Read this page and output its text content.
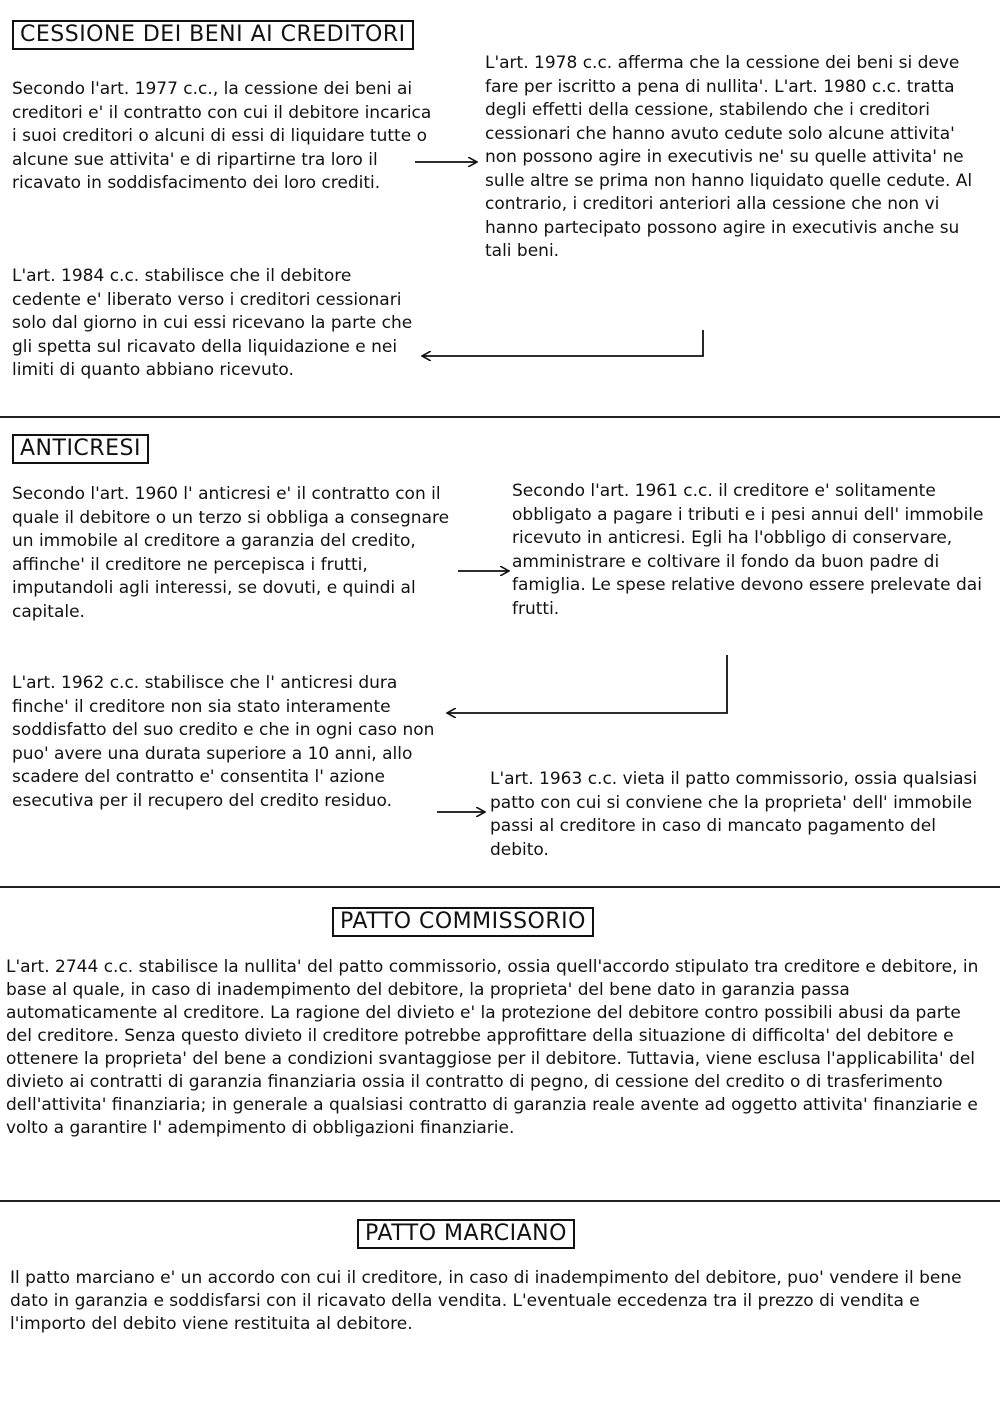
CESSIONE DEI BENI AI CREDITORI

Secondo l'art. 1977 c.c., la cessione dei beni ai creditori e' il contratto con cui il debitore incarica i suoi creditori o alcuni di essi di liquidare tutte o alcune sue attivita' e di ripartirne tra loro il ricavato in soddisfacimento dei loro crediti.

L'art. 1978 c.c. afferma che la cessione dei beni si deve fare per iscritto a pena di nullita'. L'art. 1980 c.c. tratta degli effetti della cessione, stabilendo che i creditori cessionari che hanno avuto cedute solo alcune attivita' non possono agire in executivis ne' su quelle attivita' ne sulle altre se prima non hanno liquidato quelle cedute. Al contrario, i creditori anteriori alla cessione che non vi hanno partecipato possono agire in executivis anche su tali beni.

L'art. 1984 c.c. stabilisce che il debitore cedente e' liberato verso i creditori cessionari solo dal giorno in cui essi ricevano la parte che gli spetta sul ricavato della liquidazione e nei limiti di quanto abbiano ricevuto.

ANTICRESI

Secondo l'art. 1960 l' anticresi e' il contratto con il quale il debitore o un terzo si obbliga a consegnare un immobile al creditore a garanzia del credito, affinche' il creditore ne percepisca i frutti, imputandoli agli interessi, se dovuti, e quindi al capitale.

Secondo l'art. 1961 c.c. il creditore e' solitamente obbligato a pagare i tributi e i pesi annui dell' immobile ricevuto in anticresi. Egli ha l'obbligo di conservare, amministrare e coltivare il fondo da buon padre di famiglia. Le spese relative devono essere prelevate dai frutti.

L'art. 1962 c.c. stabilisce che l' anticresi dura finche' il creditore non sia stato interamente soddisfatto del suo credito e che in ogni caso non puo' avere una durata superiore a 10 anni, allo scadere del contratto e' consentita l' azione esecutiva per il recupero del credito residuo.

L'art. 1963 c.c. vieta il patto commissorio, ossia qualsiasi patto con cui si conviene che la proprieta' dell' immobile passi al creditore in caso di mancato pagamento del debito.

PATTO COMMISSORIO

L'art. 2744 c.c. stabilisce la nullita' del patto commissorio, ossia quell'accordo stipulato tra creditore e debitore, in base al quale, in caso di inadempimento del debitore, la proprieta' del bene dato in garanzia passa automaticamente al creditore. La ragione del divieto e' la protezione del debitore contro possibili abusi da parte del creditore. Senza questo divieto il creditore potrebbe approfittare della situazione di difficolta' del debitore e ottenere la proprieta' del bene a condizioni svantaggiose per il debitore. Tuttavia, viene esclusa l'applicabilita' del divieto ai contratti di garanzia finanziaria ossia il contratto di pegno, di cessione del credito o di trasferimento dell'attivita' finanziaria; in generale a qualsiasi contratto di garanzia reale avente ad oggetto attivita' finanziarie e volto a garantire l' adempimento di obbligazioni finanziarie.

PATTO MARCIANO

Il patto marciano e' un accordo con cui il creditore, in caso di inadempimento del debitore, puo' vendere il bene dato in garanzia e soddisfarsi con il ricavato della vendita. L'eventuale eccedenza tra il prezzo di vendita e l'importo del debito viene restituita al debitore.
